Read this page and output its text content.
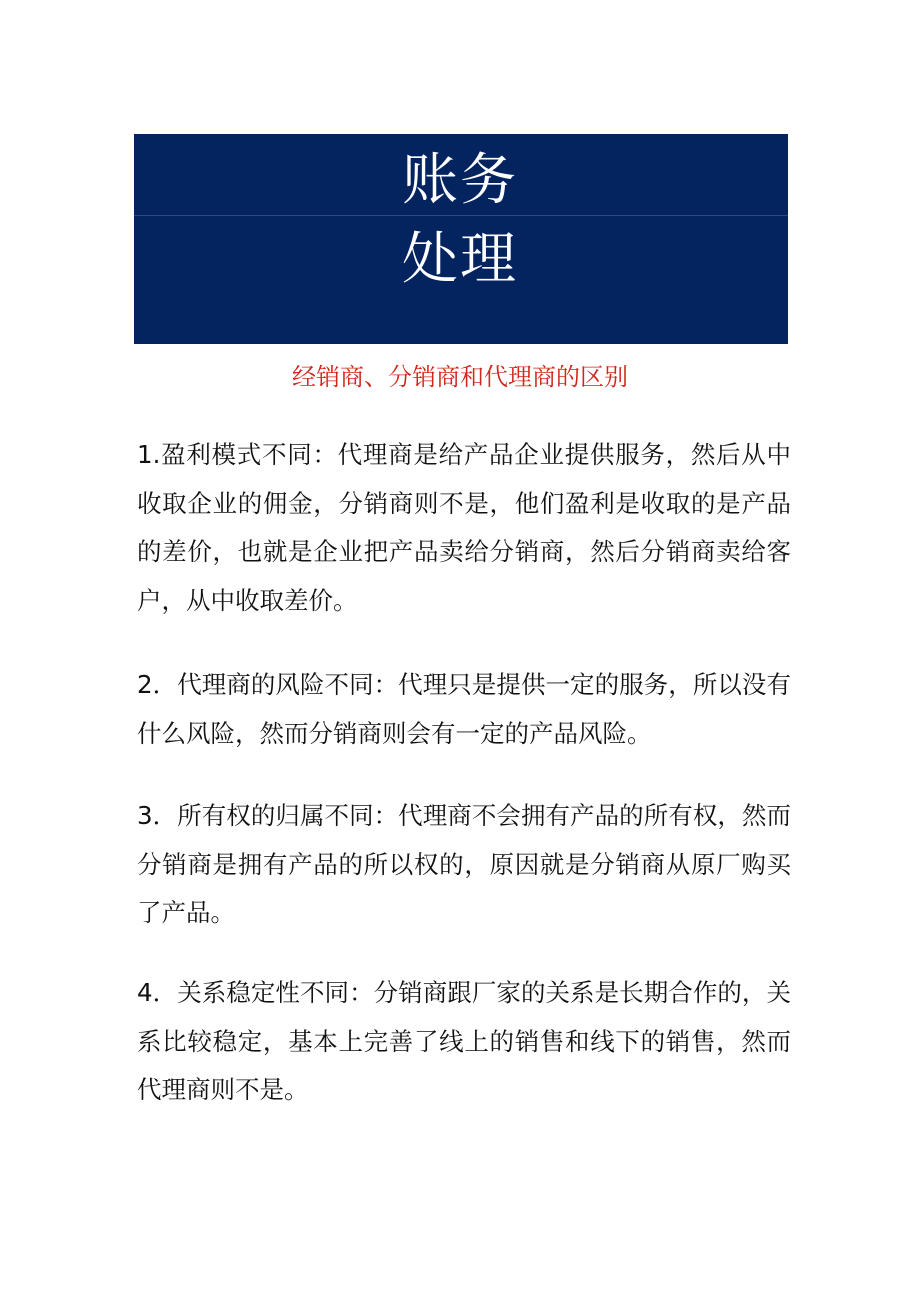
账务
处理
经销商、分销商和代理商的区别
1.盈利模式不同：代理商是给产品企业提供服务，然后从中收取企业的佣金，分销商则不是，他们盈利是收取的是产品的差价，也就是企业把产品卖给分销商，然后分销商卖给客户，从中收取差价。
2．代理商的风险不同：代理只是提供一定的服务，所以没有什么风险，然而分销商则会有一定的产品风险。
3．所有权的归属不同：代理商不会拥有产品的所有权，然而分销商是拥有产品的所以权的，原因就是分销商从原厂购买了产品。
4．关系稳定性不同：分销商跟厂家的关系是长期合作的，关系比较稳定，基本上完善了线上的销售和线下的销售，然而代理商则不是。
